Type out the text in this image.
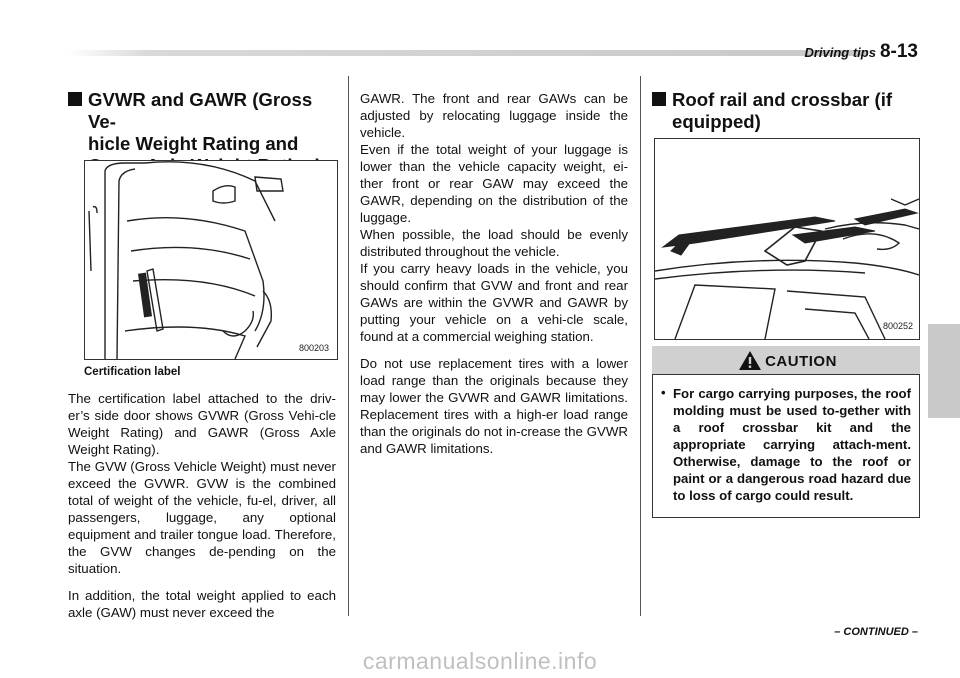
Driving tips 8-13
GVWR and GAWR (Gross Ve-
hicle Weight Rating and
800203
Certification label

The certification label attached to the driv-er’s side door shows GVWR (Gross Vehi-cle Weight Rating) and GAWR (Gross Axle Weight Rating).

The GVW (Gross Vehicle Weight) must never exceed the GVWR. GVW is the combined total of weight of the vehicle, fu-el, driver, all passengers, luggage, any optional equipment and trailer tongue load. Therefore, the GVW changes de-pending on the situation.

In addition, the total weight applied to each axle (GAW) must never exceed the

GAWR. The front and rear GAWs can be adjusted by relocating luggage inside the vehicle.

Even if the total weight of your luggage is lower than the vehicle capacity weight, ei-ther front or rear GAW may exceed the GAWR, depending on the distribution of the luggage.

When possible, the load should be evenly distributed throughout the vehicle.

If you carry heavy loads in the vehicle, you should confirm that GVW and front and rear GAWs are within the GVWR and GAWR by putting your vehicle on a vehi-cle scale, found at a commercial weighing station.

Do not use replacement tires with a lower load range than the originals because they may lower the GVWR and GAWR limitations. Replacement tires with a high-er load range than the originals do not in-crease the GVWR and GAWR limitations.

Roof rail and crossbar (if
equipped)
800252
CAUTION
• For cargo carrying purposes, the roof molding must be used to-gether with a roof crossbar kit and the appropriate carrying attach-ment. Otherwise, damage to the roof or paint or a dangerous road hazard due to loss of cargo could result.
– CONTINUED –
carmanualsonline.info
